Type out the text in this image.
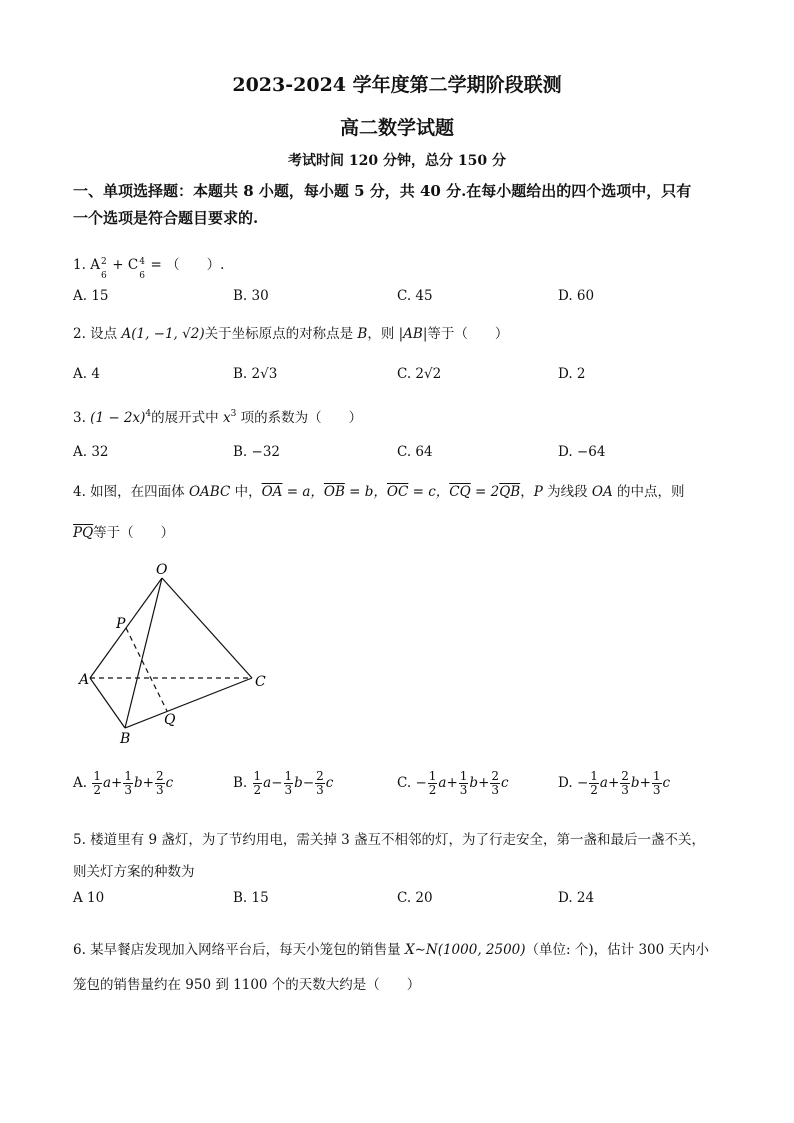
2023-2024 学年度第二学期阶段联测
高二数学试题
考试时间 120 分钟，总分 150 分
一、单项选择题：本题共 8 小题，每小题 5 分，共 40 分.在每小题给出的四个选项中，只有
一个选项是符合题目要求的.
1. A 2
6
+ C 4
6
= （　　）.
A. 15	B. 30	C. 45	D. 60
2. 设点 A(1, −1, √2)关于坐标原点的对称点是 B，则 |AB|等于（　　）
A. 4	B. 2√3	C. 2√2	D. 2
3. $(1 - 2x)^4$的展开式中 $x^3$ 项的系数为（　　）
A. 32	B. −32	C. 64	D. −64
4. 如图，在四面体 OABC 中，$\overline{OA} = a$，$\overline{OB} = b$，$\overline{OC} = c$，$\overline{CQ} = 2\overline{QB}$，P 为线段 OA 的中点，则
$\overline{PQ}$等于（　　）
O
P
A	C
Q
B
A. $\frac{1}{2} a+ \frac{1}{3} b+ \frac{2}{3}$ c	B. $\frac{1}{2} a- \frac{1}{3} b- \frac{2}{3}$ c	C. − $\frac{1}{2} a+ \frac{1}{3} b+ \frac{2}{3}$ c	D. − $\frac{1}{2} a+ \frac{2}{3} b+ \frac{1}{3}$ c
5. 楼道里有 9 盏灯，为了节约用电，需关掉 3 盏互不相邻的灯，为了行走安全，第一盏和最后一盏不关，
则关灯方案的种数为
A 10	B. 15	C. 20	D. 24
6. 某早餐店发现加入网络平台后，每天小笼包的销售量 X∼N(1000, 2500)（单位: 个)，估计 300 天内小
笼包的销售量约在 950 到 1100 个的天数大约是（　　）
